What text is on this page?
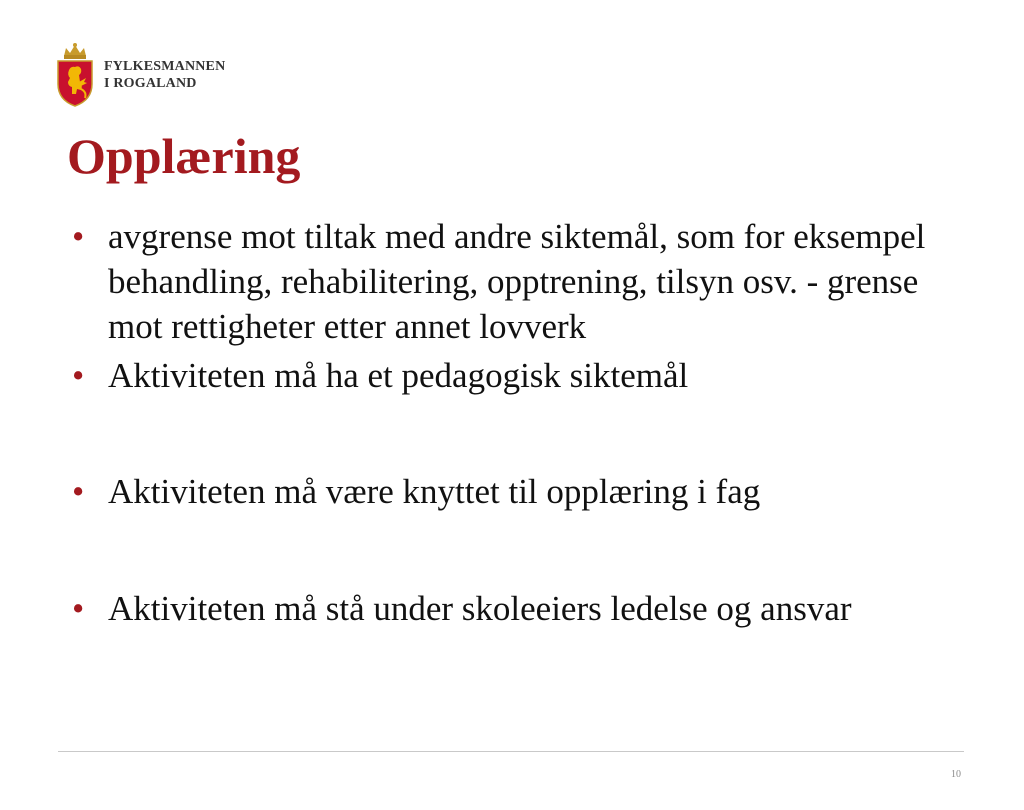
FYLKESMANNEN
I ROGALAND
Opplæring
• avgrense mot tiltak med andre siktemål, som for eksempel behandling, rehabilitering, opptrening, tilsyn osv. - grense mot rettigheter etter annet lovverk
• Aktiviteten må ha et pedagogisk siktemål
• Aktiviteten må være knyttet til opplæring i fag
• Aktiviteten må stå under skoleeiers ledelse og ansvar
10
